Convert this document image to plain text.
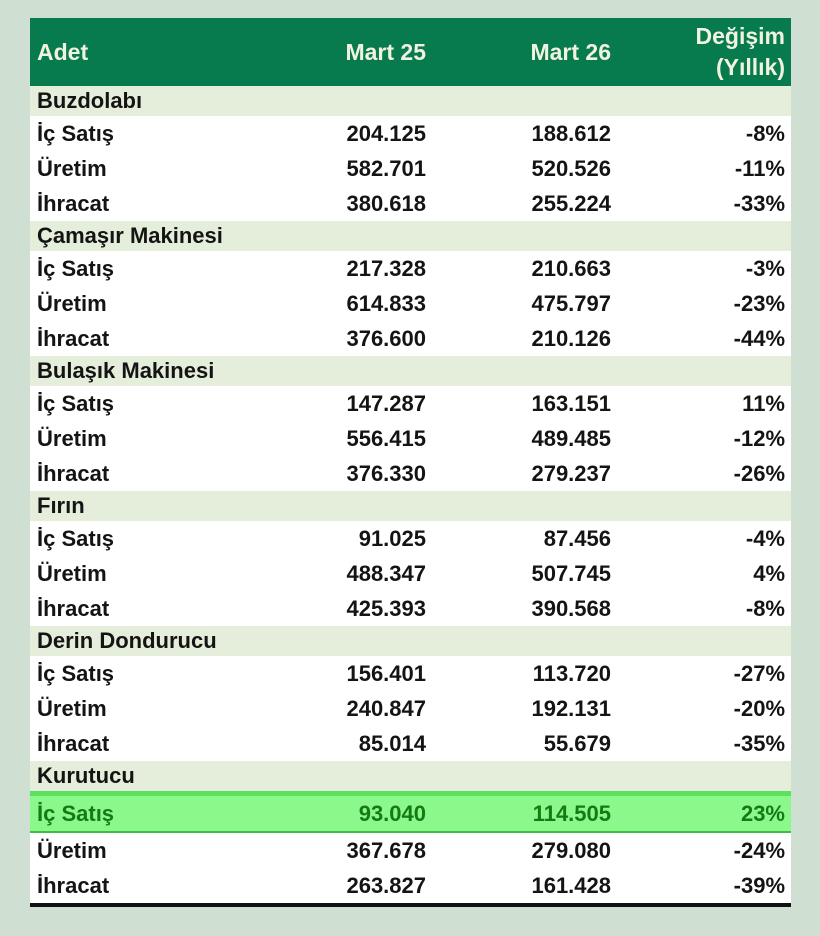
Adet	Mart 25	Mart 26	Değişim
(Yıllık)

Buzdolabı			
İç Satış	204.125	188.612	-8%
Üretim	582.701	520.526	-11%
İhracat	380.618	255.224	-33%
Çamaşır Makinesi			
İç Satış	217.328	210.663	-3%
Üretim	614.833	475.797	-23%
İhracat	376.600	210.126	-44%
Bulaşık Makinesi			
İç Satış	147.287	163.151	11%
Üretim	556.415	489.485	-12%
İhracat	376.330	279.237	-26%
Fırın			
İç Satış	91.025	87.456	-4%
Üretim	488.347	507.745	4%
İhracat	425.393	390.568	-8%
Derin Dondurucu			
İç Satış	156.401	113.720	-27%
Üretim	240.847	192.131	-20%
İhracat	85.014	55.679	-35%
Kurutucu			
İç Satış	93.040	114.505	23%
Üretim	367.678	279.080	-24%
İhracat	263.827	161.428	-39%
